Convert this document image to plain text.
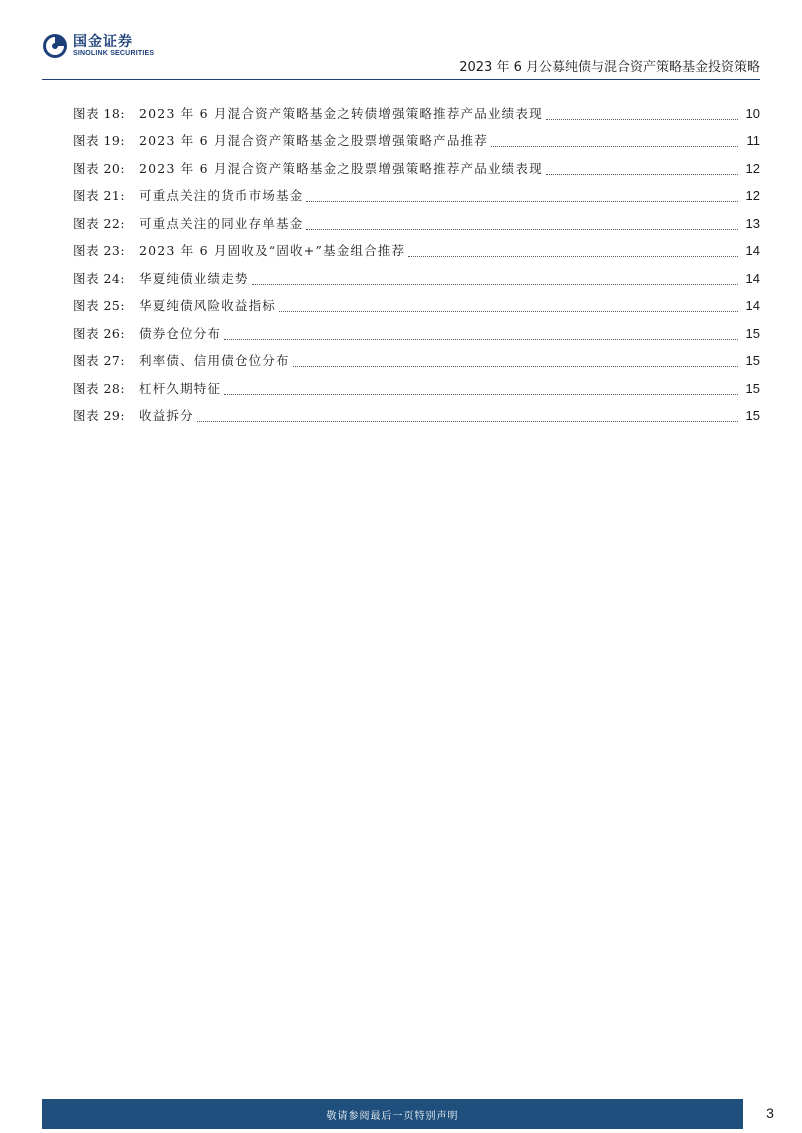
国金证券
SINOLINK SECURITIES
2023 年 6 月公募纯债与混合资产策略基金投资策略
图表 18:	2023 年 6 月混合资产策略基金之转债增强策略推荐产品业绩表现	10
图表 19:	2023 年 6 月混合资产策略基金之股票增强策略产品推荐	11
图表 20:	2023 年 6 月混合资产策略基金之股票增强策略推荐产品业绩表现	12
图表 21:	可重点关注的货币市场基金	12
图表 22:	可重点关注的同业存单基金	13
图表 23:	2023 年 6 月固收及“固收+”基金组合推荐	14
图表 24:	华夏纯债业绩走势	14
图表 25:	华夏纯债风险收益指标	14
图表 26:	债券仓位分布	15
图表 27:	利率债、信用债仓位分布	15
图表 28:	杠杆久期特征	15
图表 29:	收益拆分	15
敬请参阅最后一页特别声明	3
